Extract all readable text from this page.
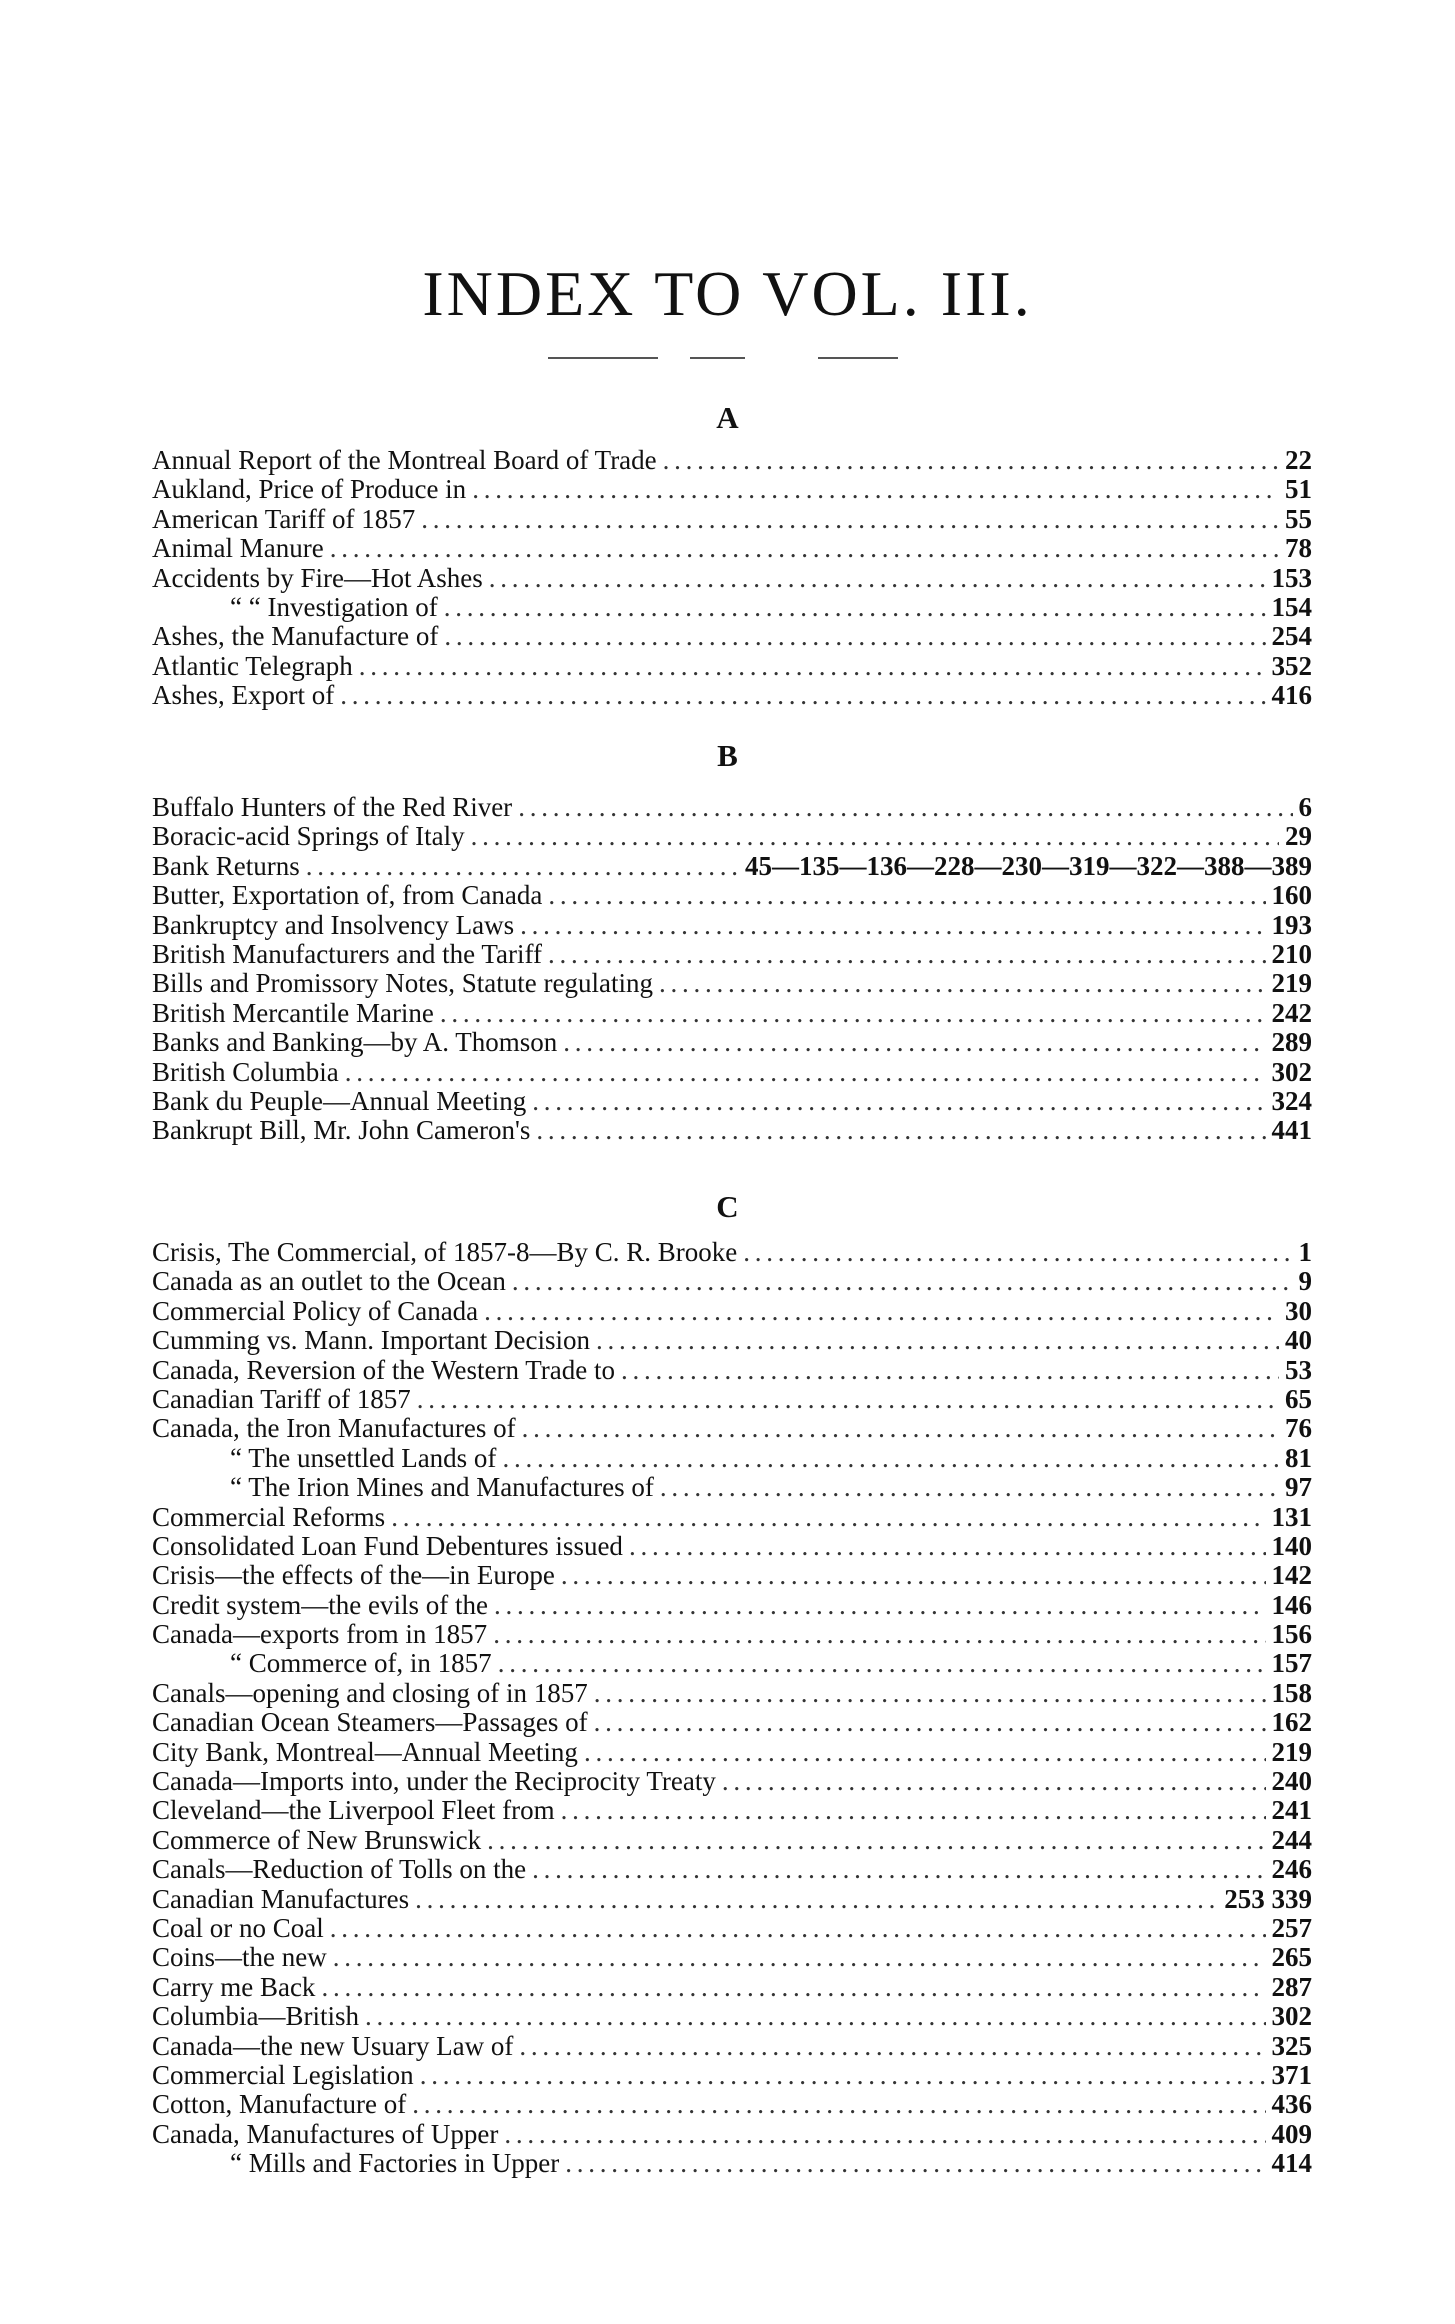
INDEX TO VOL. III.
A
Annual Report of the Montreal Board of Trade . . .	22
Aukland, Price of Produce in . . .	51
American Tariff of 1857 . . .	55
Animal Manure . . .	78
Accidents by Fire—Hot Ashes . . .	153
“ “ Investigation of . . .	154
Ashes, the Manufacture of . . .	254
Atlantic Telegraph . . .	352
Ashes, Export of . . .	416
B
Buffalo Hunters of the Red River . . .	6
Boracic-acid Springs of Italy . . .	29
Bank Returns . . .	45—135—136—228—230—319—322—388—389
Butter, Exportation of, from Canada . . .	160
Bankruptcy and Insolvency Laws . . .	193
British Manufacturers and the Tariff . . .	210
Bills and Promissory Notes, Statute regulating . . .	219
British Mercantile Marine . . .	242
Banks and Banking—by A. Thomson . . .	289
British Columbia . . .	302
Bank du Peuple—Annual Meeting . . .	324
Bankrupt Bill, Mr. John Cameron's . . .	441
C
Crisis, The Commercial, of 1857-8—By C. R. Brooke . . .	1
Canada as an outlet to the Ocean . . .	9
Commercial Policy of Canada . . .	30
Cumming vs. Mann. Important Decision . . .	40
Canada, Reversion of the Western Trade to . . .	53
Canadian Tariff of 1857 . . .	65
Canada, the Iron Manufactures of . . .	76
“ The unsettled Lands of . . .	81
“ The Irion Mines and Manufactures of . . .	97
Commercial Reforms . . .	131
Consolidated Loan Fund Debentures issued . . .	140
Crisis—the effects of the—in Europe . . .	142
Credit system—the evils of the . . .	146
Canada—exports from in 1857 . . .	156
“ Commerce of, in 1857 . . .	157
Canals—opening and closing of in 1857 . . .	158
Canadian Ocean Steamers—Passages of . . .	162
City Bank, Montreal—Annual Meeting . . .	219
Canada—Imports into, under the Reciprocity Treaty . . .	240
Cleveland—the Liverpool Fleet from . . .	241
Commerce of New Brunswick . . .	244
Canals—Reduction of Tolls on the . . .	246
Canadian Manufactures . . .	253 339
Coal or no Coal . . .	257
Coins—the new . . .	265
Carry me Back . . .	287
Columbia—British . . .	302
Canada—the new Usuary Law of . . .	325
Commercial Legislation . . .	371
Cotton, Manufacture of . . .	436
Canada, Manufactures of Upper . . .	409
“ Mills and Factories in Upper . . .	414
